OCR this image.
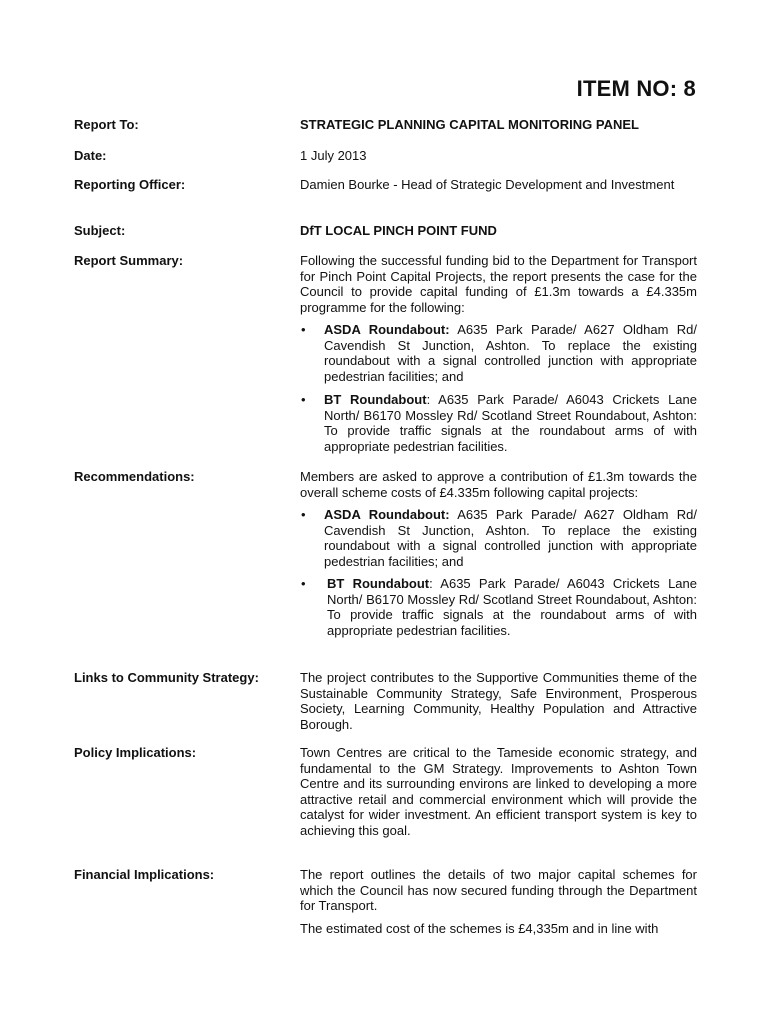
ITEM NO: 8
Report To:	STRATEGIC PLANNING CAPITAL MONITORING PANEL
Date:	1 July 2013
Reporting Officer:	Damien Bourke - Head of Strategic Development and Investment
Subject:	DfT LOCAL PINCH POINT FUND
Report Summary:	Following the successful funding bid to the Department for Transport for Pinch Point Capital Projects, the report presents the case for the Council to provide capital funding of £1.3m towards a £4.335m programme for the following:

• ASDA Roundabout: A635 Park Parade/ A627 Oldham Rd/ Cavendish St Junction, Ashton. To replace the existing roundabout with a signal controlled junction with appropriate pedestrian facilities; and
• BT Roundabout: A635 Park Parade/ A6043 Crickets Lane North/ B6170 Mossley Rd/ Scotland Street Roundabout, Ashton: To provide traffic signals at the roundabout arms of with appropriate pedestrian facilities.
Recommendations:	Members are asked to approve a contribution of £1.3m towards the overall scheme costs of £4.335m following capital projects:

• ASDA Roundabout: A635 Park Parade/ A627 Oldham Rd/ Cavendish St Junction, Ashton. To replace the existing roundabout with a signal controlled junction with appropriate pedestrian facilities; and
• BT Roundabout: A635 Park Parade/ A6043 Crickets Lane North/ B6170 Mossley Rd/ Scotland Street Roundabout, Ashton: To provide traffic signals at the roundabout arms of with appropriate pedestrian facilities.
Links to Community Strategy:	The project contributes to the Supportive Communities theme of the Sustainable Community Strategy, Safe Environment, Prosperous Society, Learning Community, Healthy Population and Attractive Borough.
Policy Implications:	Town Centres are critical to the Tameside economic strategy, and fundamental to the GM Strategy. Improvements to Ashton Town Centre and its surrounding environs are linked to developing a more attractive retail and commercial environment which will provide the catalyst for wider investment. An efficient transport system is key to achieving this goal.
Financial Implications:	The report outlines the details of two major capital schemes for which the Council has now secured funding through the Department for Transport.

The estimated cost of the schemes is £4,335m and in line with
